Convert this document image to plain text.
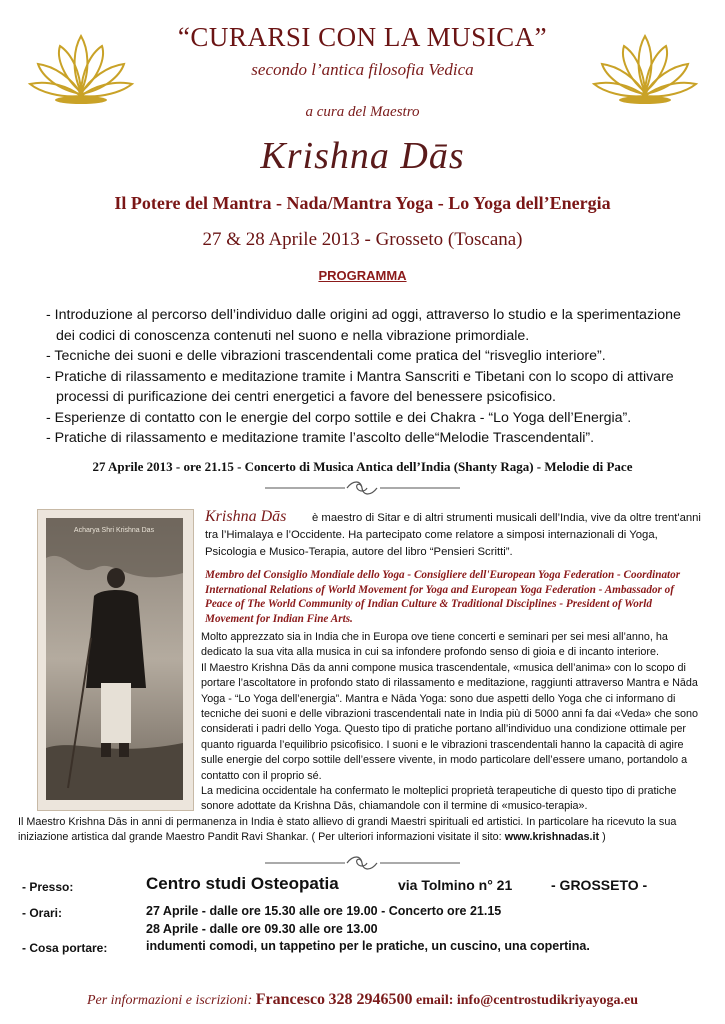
“CURARSI CON LA MUSICA”
secondo l’antica filosofia Vedica
a cura del Maestro
Krishna Dās
Il Potere del Mantra - Nada/Mantra Yoga - Lo Yoga dell’Energia
27 & 28 Aprile 2013 - Grosseto (Toscana)
PROGRAMMA
- Introduzione al percorso dell’individuo dalle origini ad oggi, attraverso lo studio e la sperimentazione dei codici di conoscenza contenuti nel suono e nella vibrazione primordiale.
- Tecniche dei suoni e delle vibrazioni trascendentali come pratica del “risveglio interiore”.
- Pratiche di rilassamento e meditazione tramite i Mantra Sanscriti e Tibetani con lo scopo di attivare processi di purificazione dei centri energetici a favore del benessere psicofisico.
- Esperienze di contatto con le energie del corpo sottile e dei Chakra - “Lo Yoga dell’Energia”.
- Pratiche di rilassamento e meditazione tramite l’ascolto delle“Melodie Trascendentali”.
27 Aprile 2013 - ore 21.15 - Concerto di Musica Antica dell’India (Shanty Raga) - Melodie di Pace
Acharya Shri Krishna Das
è maestro di Sitar e di altri strumenti musicali dell’India, vive da oltre trent'anni tra l’Himalaya e l’Occidente. Ha partecipato come relatore a simposi internazionali di Yoga, Psicologia e Musico-Terapia, autore del libro “Pensieri Scritti”.
Krishna Dās
Membro del Consiglio Mondiale dello Yoga - Consigliere dell'European Yoga Federation - Coordinator International Relations of World Movement for Yoga and European Yoga Federation - Ambassador of Peace of The World Community of Indian Culture & Traditional Disciplines - President of World Movement for Indian Fine Arts.
Molto apprezzato sia in India che in Europa ove tiene concerti e seminari per sei mesi all’anno, ha dedicato la sua vita alla musica in cui sa infondere profondo senso di gioia e di incanto interiore.
Il Maestro Krishna Dās da anni compone musica trascendentale, «musica dell’anima» con lo scopo di portare l’ascoltatore in profondo stato di rilassamento e meditazione, raggiunti attraverso Mantra e Nāda Yoga - “Lo Yoga dell’energia”. Mantra e Nāda Yoga: sono due aspetti dello Yoga che ci informano di tecniche dei suoni e delle vibrazioni trascendentali nate in India più di 5000 anni fa dai «Veda» che sono considerati i padri dello Yoga. Questo tipo di pratiche portano all’individuo una condizione ottimale per quanto riguarda l’equilibrio psicofisico. I suoni e le vibrazioni trascendentali hanno la capacità di agire sulle energie del corpo sottile dell’essere vivente, in modo particolare dell’essere umano, portandolo a contatto con il proprio sé.
La medicina occidentale ha confermato le molteplici proprietà terapeutiche di questo tipo di pratiche sonore adottate da Krishna Dās, chiamandole con il termine di «musico-terapia».
Il Maestro Krishna Dās in anni di permanenza in India è stato allievo di grandi Maestri spirituali ed artistici. In particolare ha ricevuto la sua iniziazione artistica dal grande Maestro Pandit Ravi Shankar. ( Per ulteriori informazioni visitate il sito: www.krishnadas.it )
- Presso:	Centro studi Osteopatia	via Tolmino n° 21	- GROSSETO -
- Orari:	27 Aprile - dalle ore 15.30 alle ore 19.00 - Concerto ore 21.15
28 Aprile - dalle ore 09.30 alle ore 13.00
- Cosa portare:	indumenti comodi, un tappetino per le pratiche, un cuscino, una copertina.
Per informazioni e iscrizioni: Francesco 328 2946500 email: info@centrostudikriyayoga.eu
